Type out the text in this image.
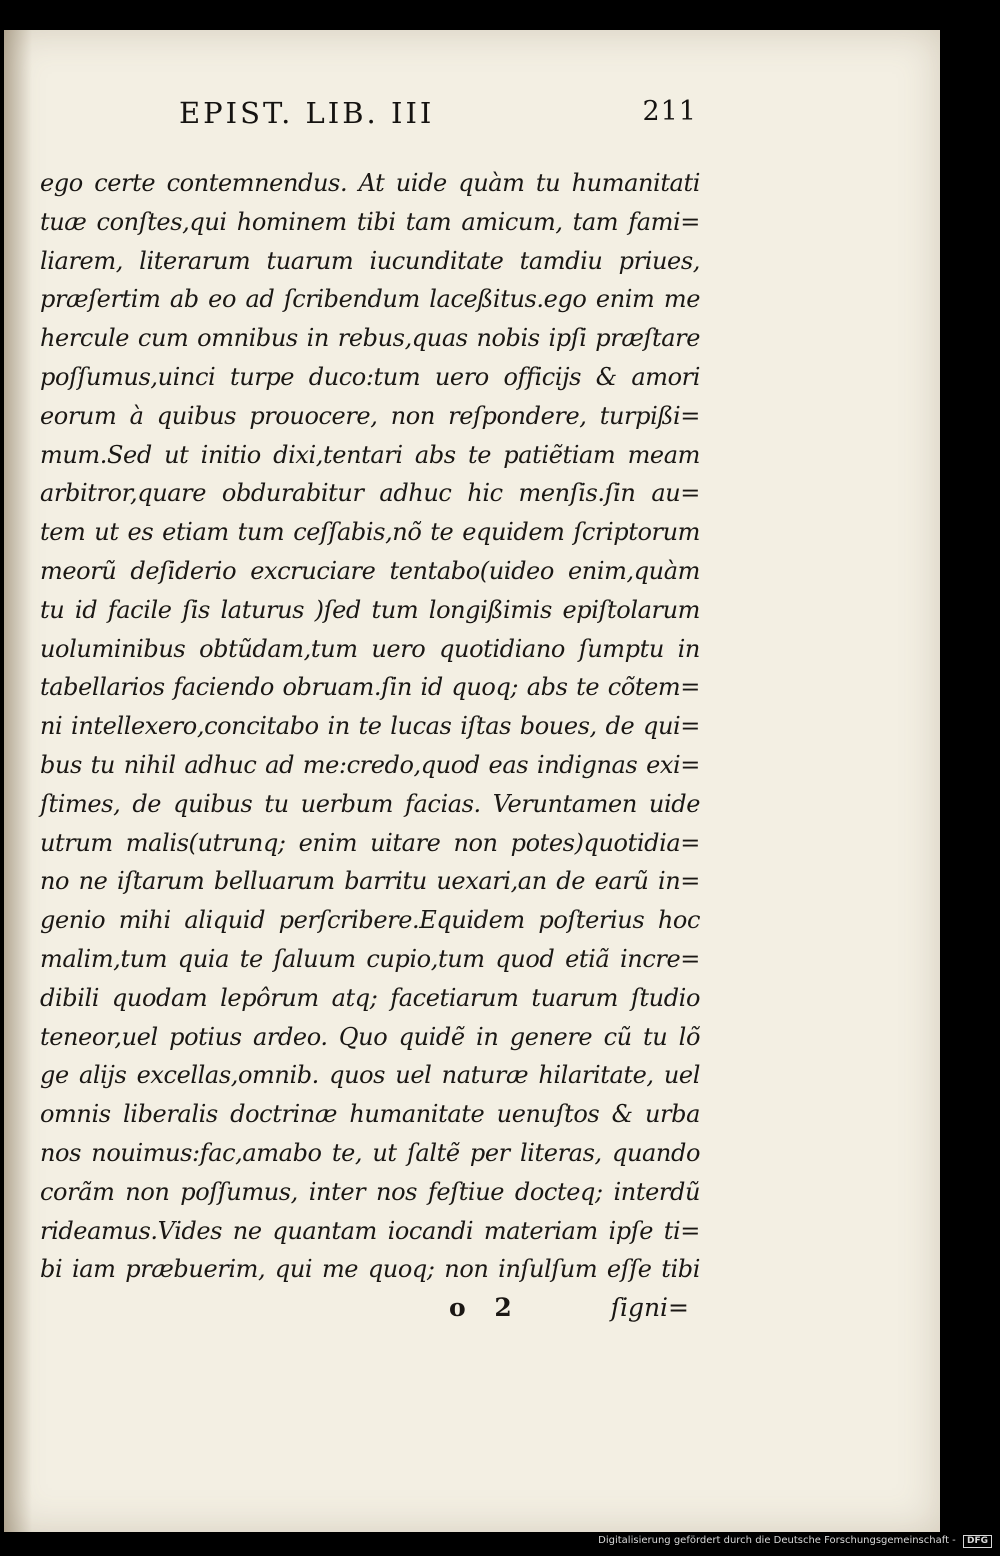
EPIST. LIB. III	211
ego certe contemnendus. At uide quàm tu humanitati
tuæ conſtes,qui hominem tibi tam amicum, tam fami=
liarem, literarum tuarum iucunditate tamdiu priues,
præſertim ab eo ad ſcribendum laceßitus.ego enim me
hercule cum omnibus in rebus,quas nobis ipſi præſtare
poſſumus,uinci turpe duco:tum uero officijs & amori
eorum à quibus prouocere, non reſpondere, turpißi=
mum.Sed ut initio dixi,tentari abs te patiẽtiam meam
arbitror,quare obdurabitur adhuc hic menſis.ſin au=
tem ut es etiam tum ceſſabis,nõ te equidem ſcriptorum
meorũ deſiderio excruciare tentabo(uideo enim,quàm
tu id facile ſis laturus )ſed tum longißimis epiſtolarum
uoluminibus obtũdam,tum uero quotidiano ſumptu in
tabellarios faciendo obruam.ſin id quoq; abs te cõtem=
ni intellexero,concitabo in te lucas iſtas boues, de qui=
bus tu nihil adhuc ad me:credo,quod eas indignas exi=
ſtimes, de quibus tu uerbum facias. Veruntamen uide
utrum malis(utrunq; enim uitare non potes)quotidia=
no ne iſtarum belluarum barritu uexari,an de earũ in=
genio mihi aliquid perſcribere.Equidem poſterius hoc
malim,tum quia te ſaluum cupio,tum quod etiã incre=
dibili quodam lepôrum atq; facetiarum tuarum ſtudio
teneor,uel potius ardeo. Quo quidẽ in genere cũ tu lõ
ge alijs excellas,omnib. quos uel naturæ hilaritate, uel
omnis liberalis doctrinæ humanitate uenuſtos & urba
nos nouimus:fac,amabo te, ut ſaltẽ per literas, quando
corãm non poſſumus, inter nos feſtiue docteq; interdũ
rideamus.Vides ne quantam iocandi materiam ipſe ti=
bi iam præbuerim, qui me quoq; non inſulſum eſſe tibi
o 2	ſigni=
Digitalisierung gefördert durch die Deutsche Forschungsgemeinschaft - DFG
